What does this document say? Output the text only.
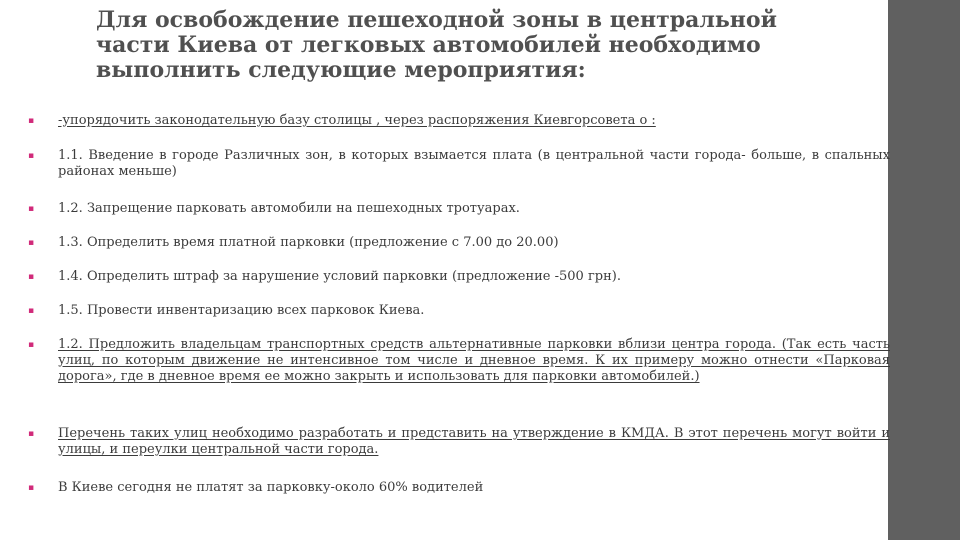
Для освобождение пешеходной зоны в центральной части Киева от легковых автомобилей необходимо выполнить следующие мероприятия:
▪	-упорядочить законодательную базу столицы , через распоряжения Киевгорсовета о :
▪	1.1. Введение в городе Различных зон, в которых взымается плата (в центральной части города- больше, в спальных районах меньше)
▪	1.2. Запрещение парковать автомобили на пешеходных тротуарах.
▪	1.3. Определить время платной парковки (предложение с 7.00 до 20.00)
▪	1.4. Определить штраф за нарушение условий парковки (предложение -500 грн).
▪	1.5. Провести инвентаризацию всех парковок Киева.
▪	1.2. Предложить владельцам транспортных средств альтернативные парковки вблизи центра города. (Так есть часть улиц, по которым движение не интенсивное том числе и дневное время. К их примеру можно отнести «Парковая дорога», где в дневное время ее можно закрыть и использовать для парковки автомобилей.)
▪	Перечень таких улиц необходимо разработать и представить на утверждение в КМДА. В этот перечень могут войти и улицы, и переулки центральной части города.
▪	В Киеве сегодня не платят за парковку-около 60% водителей
